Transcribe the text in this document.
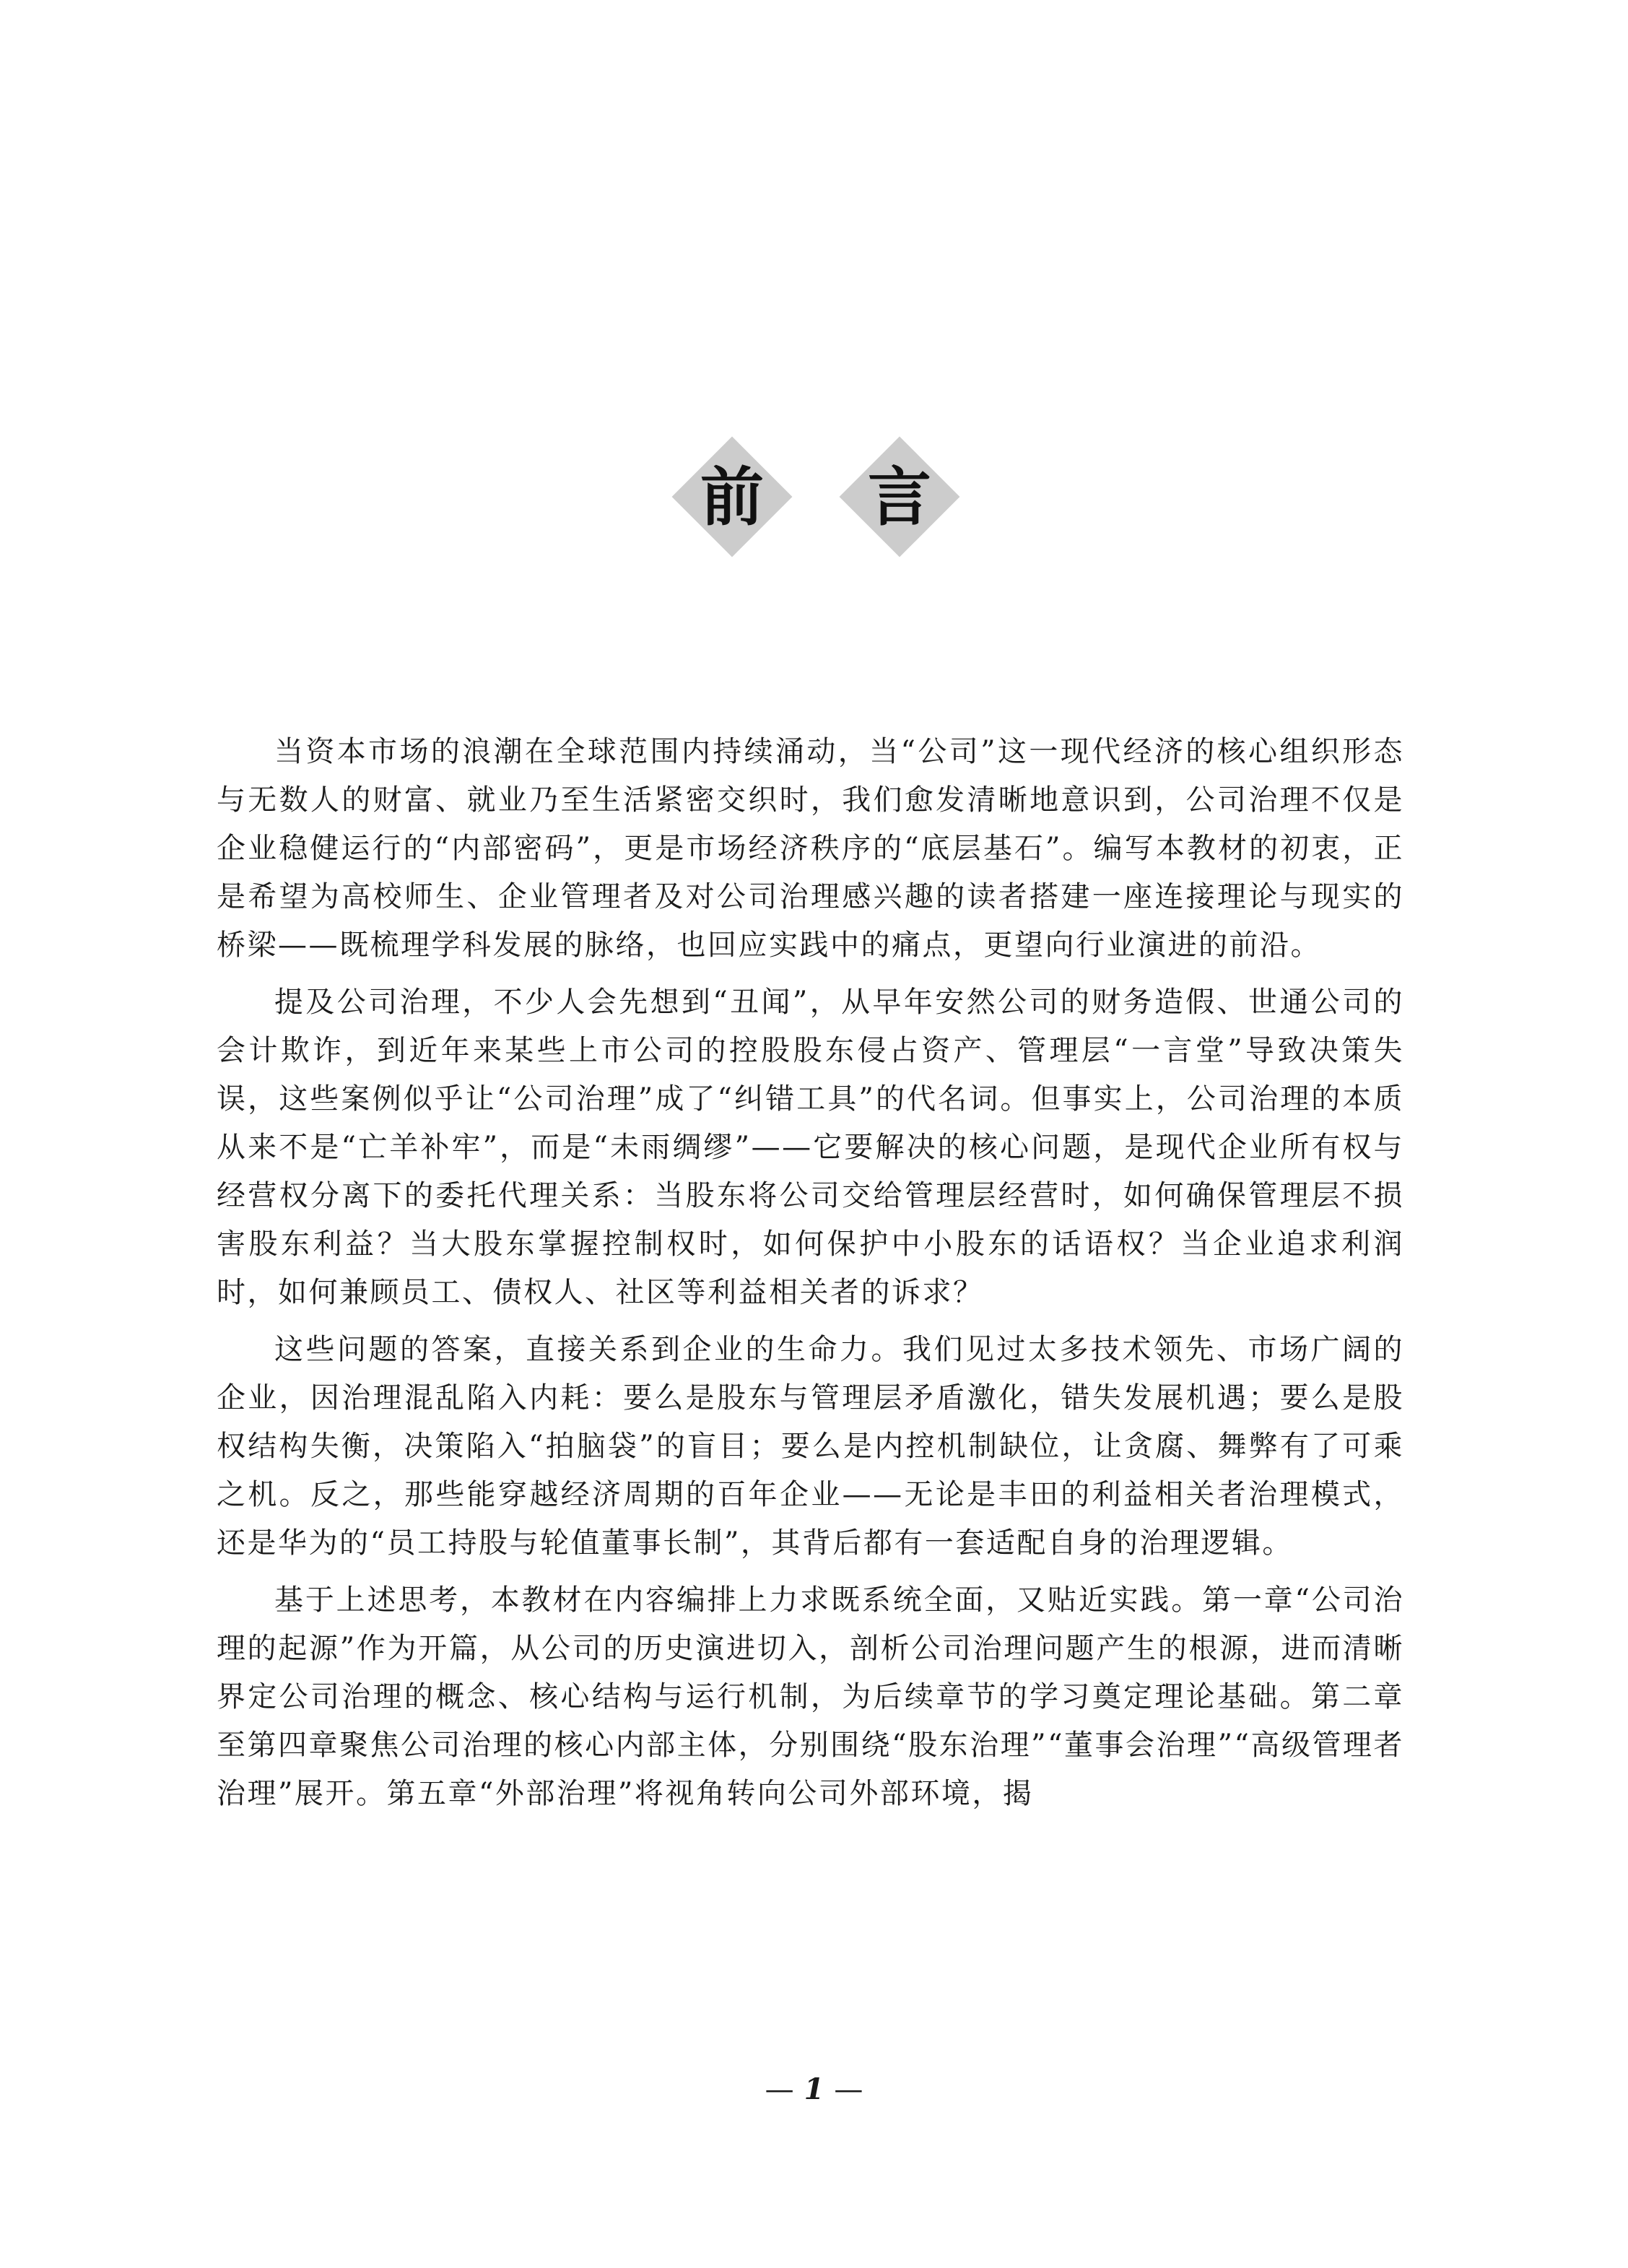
前	言

当资本市场的浪潮在全球范围内持续涌动，当“公司”这一现代经济的核心组织形态与无数人的财富、就业乃至生活紧密交织时，我们愈发清晰地意识到，公司治理不仅是企业稳健运行的“内部密码”，更是市场经济秩序的“底层基石”。编写本教材的初衷，正是希望为高校师生、企业管理者及对公司治理感兴趣的读者搭建一座连接理论与现实的桥梁——既梳理学科发展的脉络，也回应实践中的痛点，更望向行业演进的前沿。

提及公司治理，不少人会先想到“丑闻”，从早年安然公司的财务造假、世通公司的会计欺诈，到近年来某些上市公司的控股股东侵占资产、管理层“一言堂”导致决策失误，这些案例似乎让“公司治理”成了“纠错工具”的代名词。但事实上，公司治理的本质从来不是“亡羊补牢”，而是“未雨绸缪”——它要解决的核心问题，是现代企业所有权与经营权分离下的委托代理关系：当股东将公司交给管理层经营时，如何确保管理层不损害股东利益？当大股东掌握控制权时，如何保护中小股东的话语权？当企业追求利润时，如何兼顾员工、债权人、社区等利益相关者的诉求？

这些问题的答案，直接关系到企业的生命力。我们见过太多技术领先、市场广阔的企业，因治理混乱陷入内耗：要么是股东与管理层矛盾激化，错失发展机遇；要么是股权结构失衡，决策陷入“拍脑袋”的盲目；要么是内控机制缺位，让贪腐、舞弊有了可乘之机。反之，那些能穿越经济周期的百年企业——无论是丰田的利益相关者治理模式，还是华为的“员工持股与轮值董事长制”，其背后都有一套适配自身的治理逻辑。

基于上述思考，本教材在内容编排上力求既系统全面，又贴近实践。第一章“公司治理的起源”作为开篇，从公司的历史演进切入，剖析公司治理问题产生的根源，进而清晰界定公司治理的概念、核心结构与运行机制，为后续章节的学习奠定理论基础。第二章至第四章聚焦公司治理的核心内部主体，分别围绕“股东治理”“董事会治理”“高级管理者治理”展开。第五章“外部治理”将视角转向公司外部环境，揭

— 1 —
